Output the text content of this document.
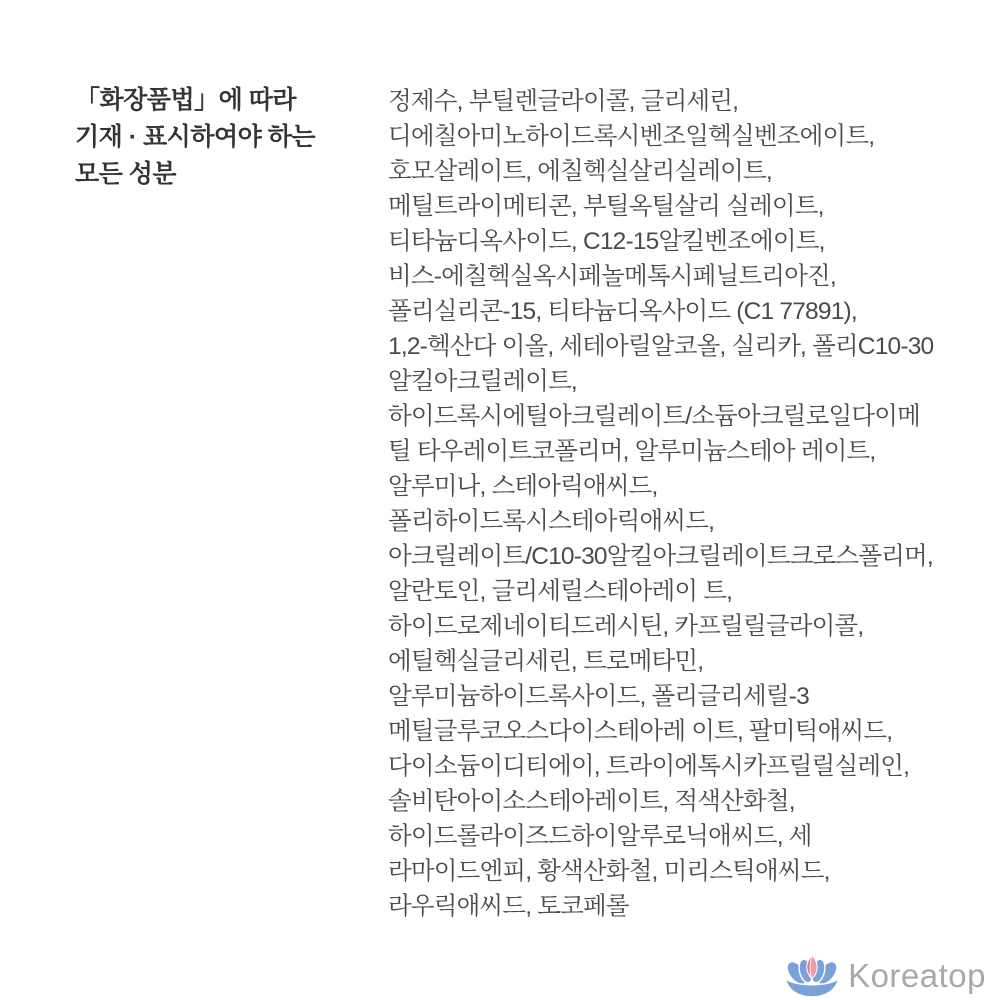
「화장품법」에 따라
기재 · 표시하여야 하는
모든 성분
정제수, 부틸렌글라이콜, 글리세린,
디에칠아미노하이드록시벤조일헥실벤조에이트,
호모살레이트, 에칠헥실살리실레이트,
메틸트라이메티콘, 부틸옥틸살리 실레이트,
티타늄디옥사이드, C12-15알킬벤조에이트,
비스-에칠헥실옥시페놀메톡시페닐트리아진,
폴리실리콘-15, 티타늄디옥사이드 (C1 77891),
1,2-헥산다 이올, 세테아릴알코올, 실리카, 폴리C10-30
알킬아크릴레이트,
하이드록시에틸아크릴레이트/소듐아크릴로일다이메
틸 타우레이트코폴리머, 알루미늄스테아 레이트,
알루미나, 스테아릭애씨드,
폴리하이드록시스테아릭애씨드,
아크릴레이트/C10-30알킬아크릴레이트크로스폴리머,
알란토인, 글리세릴스테아레이 트,
하이드로제네이티드레시틴, 카프릴릴글라이콜,
에틸헥실글리세린, 트로메타민,
알루미늄하이드록사이드, 폴리글리세릴-3
메틸글루코오스다이스테아레 이트, 팔미틱애씨드,
다이소듐이디티에이, 트라이에톡시카프릴릴실레인,
솔비탄아이소스테아레이트, 적색산화철,
하이드롤라이즈드하이알루로닉애씨드, 세
라마이드엔피, 황색산화철, 미리스틱애씨드,
라우릭애씨드, 토코페롤
Koreatop
